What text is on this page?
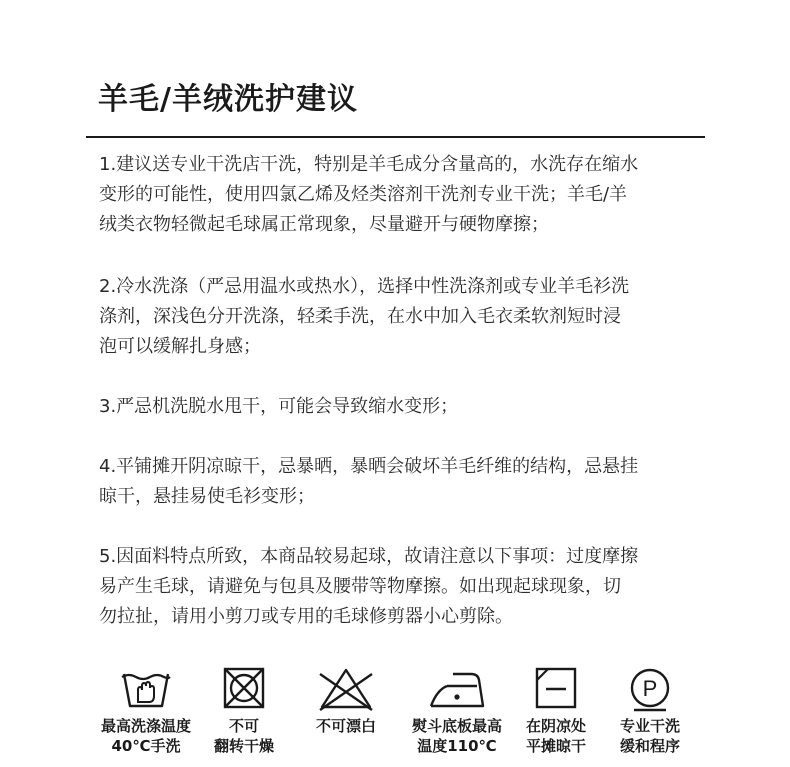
羊毛/羊绒洗护建议
1.建议送专业干洗店干洗，特别是羊毛成分含量高的，水洗存在缩水
变形的可能性，使用四氯乙烯及烃类溶剂干洗剂专业干洗；羊毛/羊
绒类衣物轻微起毛球属正常现象，尽量避开与硬物摩擦；
2.冷水洗涤（严忌用温水或热水），选择中性洗涤剂或专业羊毛衫洗
涤剂，深浅色分开洗涤，轻柔手洗，在水中加入毛衣柔软剂短时浸
泡可以缓解扎身感；
3.严忌机洗脱水甩干，可能会导致缩水变形；
4.平铺摊开阴凉晾干，忌暴晒，暴晒会破坏羊毛纤维的结构，忌悬挂
晾干，悬挂易使毛衫变形；
5.因面料特点所致，本商品较易起球，故请注意以下事项：过度摩擦
易产生毛球，请避免与包具及腰带等物摩擦。如出现起球现象，切
勿拉扯，请用小剪刀或专用的毛球修剪器小心剪除。
最高洗涤温度
40℃手洗
不可
翻转干燥
不可漂白	熨斗底板最高
温度110℃
在阴凉处
平摊晾干
P
专业干洗
缓和程序
